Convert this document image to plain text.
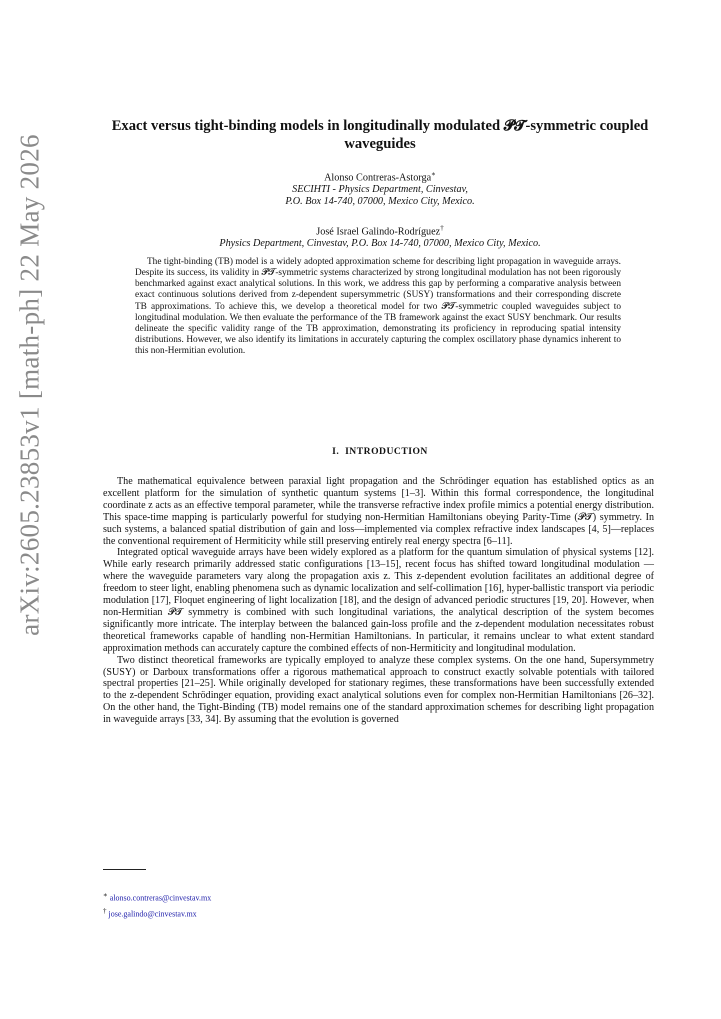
arXiv:2605.23853v1 [math-ph] 22 May 2026
Exact versus tight-binding models in longitudinally modulated 𝓟𝓣-symmetric coupled waveguides
Alonso Contreras-Astorga∗
SECIHTI - Physics Department, Cinvestav,
P.O. Box 14-740, 07000, Mexico City, Mexico.
José Israel Galindo-Rodríguez†
Physics Department, Cinvestav, P.O. Box 14-740, 07000, Mexico City, Mexico.
The tight-binding (TB) model is a widely adopted approximation scheme for describing light propagation in waveguide arrays. Despite its success, its validity in 𝓟𝓣-symmetric systems characterized by strong longitudinal modulation has not been rigorously benchmarked against exact analytical solutions. In this work, we address this gap by performing a comparative analysis between exact continuous solutions derived from z-dependent supersymmetric (SUSY) transformations and their corresponding discrete TB approximations. To achieve this, we develop a theoretical model for two 𝓟𝓣-symmetric coupled waveguides subject to longitudinal modulation. We then evaluate the performance of the TB framework against the exact SUSY benchmark. Our results delineate the specific validity range of the TB approximation, demonstrating its proficiency in reproducing spatial intensity distributions. However, we also identify its limitations in accurately capturing the complex oscillatory phase dynamics inherent to this non-Hermitian evolution.
I. INTRODUCTION

The mathematical equivalence between paraxial light propagation and the Schrödinger equation has established optics as an excellent platform for the simulation of synthetic quantum systems [1–3]. Within this formal correspondence, the longitudinal coordinate z acts as an effective temporal parameter, while the transverse refractive index profile mimics a potential energy distribution. This space-time mapping is particularly powerful for studying non-Hermitian Hamiltonians obeying Parity-Time (𝓟𝓣) symmetry. In such systems, a balanced spatial distribution of gain and loss—implemented via complex refractive index landscapes [4, 5]—replaces the conventional requirement of Hermiticity while still preserving entirely real energy spectra [6–11].

Integrated optical waveguide arrays have been widely explored as a platform for the quantum simulation of physical systems [12]. While early research primarily addressed static configurations [13–15], recent focus has shifted toward longitudinal modulation — where the waveguide parameters vary along the propagation axis z. This z-dependent evolution facilitates an additional degree of freedom to steer light, enabling phenomena such as dynamic localization and self-collimation [16], hyper-ballistic transport via periodic modulation [17], Floquet engineering of light localization [18], and the design of advanced periodic structures [19, 20]. However, when non-Hermitian 𝓟𝓣 symmetry is combined with such longitudinal variations, the analytical description of the system becomes significantly more intricate. The interplay between the balanced gain-loss profile and the z-dependent modulation necessitates robust theoretical frameworks capable of handling non-Hermitian Hamiltonians. In particular, it remains unclear to what extent standard approximation methods can accurately capture the combined effects of non-Hermiticity and longitudinal modulation.

Two distinct theoretical frameworks are typically employed to analyze these complex systems. On the one hand, Supersymmetry (SUSY) or Darboux transformations offer a rigorous mathematical approach to construct exactly solvable potentials with tailored spectral properties [21–25]. While originally developed for stationary regimes, these transformations have been successfully extended to the z-dependent Schrödinger equation, providing exact analytical solutions even for complex non-Hermitian Hamiltonians [26–32]. On the other hand, the Tight-Binding (TB) model remains one of the standard approximation schemes for describing light propagation in waveguide arrays [33, 34]. By assuming that the evolution is governed

∗ alonso.contreras@cinvestav.mx
† jose.galindo@cinvestav.mx
